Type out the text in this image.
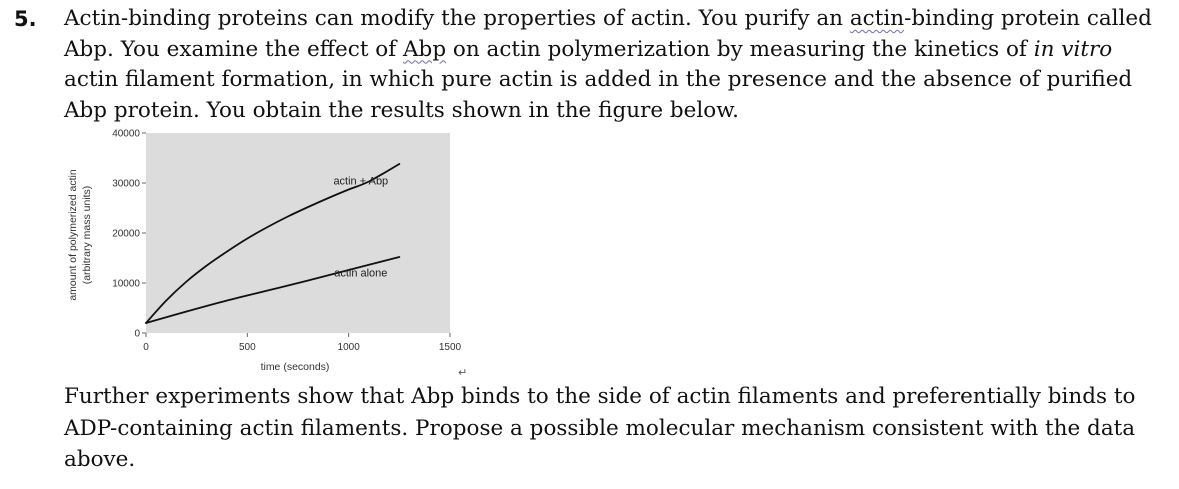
5. Actin-binding proteins can modify the properties of actin. You purify an actin-binding protein called Abp. You examine the effect of Abp on actin polymerization by measuring the kinetics of in vitro actin filament formation, in which pure actin is added in the presence and the absence of purified Abp protein. You obtain the results shown in the figure below.

0
10000
20000
30000
40000
0	500	1000	1500
actin + Abp
actin alone
amount of polymerized actin (arbitrary mass units)
time (seconds)	↵

Further experiments show that Abp binds to the side of actin filaments and preferentially binds to ADP-containing actin filaments. Propose a possible molecular mechanism consistent with the data above.
